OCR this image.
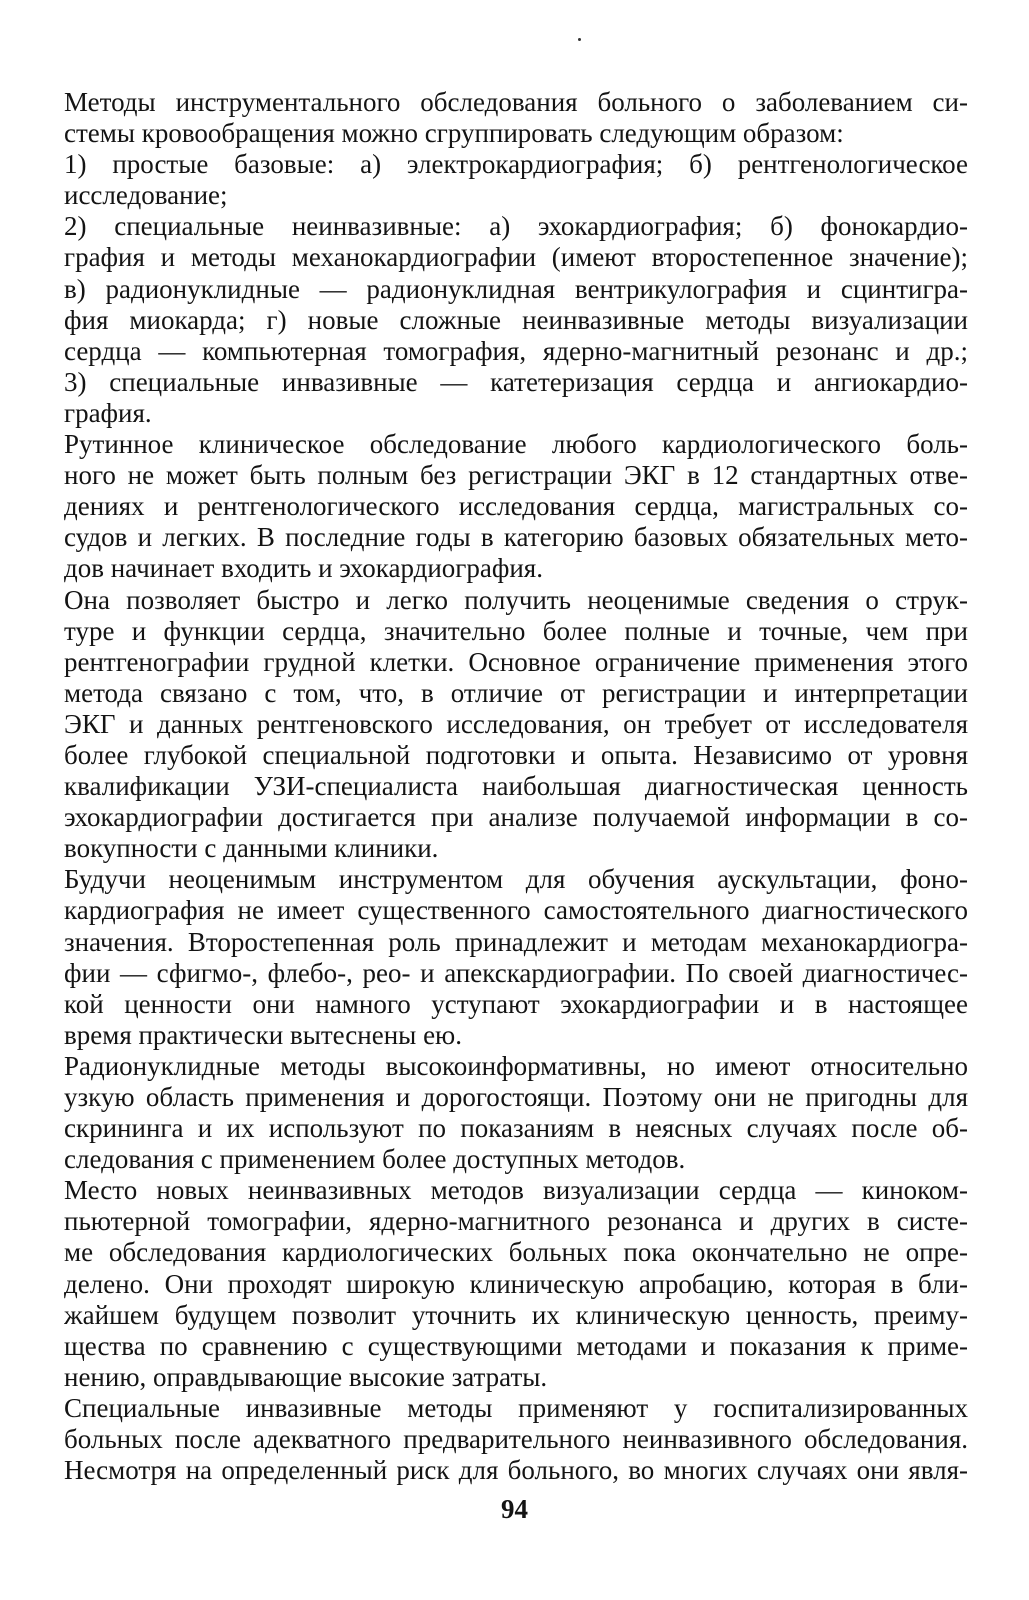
Методы инструментального обследования больного о заболеванием си-
стемы кровообращения можно сгруппировать следующим образом:
1) простые базовые: а) электрокардиография; б) рентгенологическое
исследование;
2) специальные неинвазивные: а) эхокардиография; б) фонокардио-
графия и методы механокардиографии (имеют второстепенное значение);
в) радионуклидные — радионуклидная вентрикулография и сцинтигра-
фия миокарда; г) новые сложные неинвазивные методы визуализации
сердца — компьютерная томография, ядерно-магнитный резонанс и др.;
3) специальные инвазивные — катетеризация сердца и ангиокардио-
графия.
Рутинное клиническое обследование любого кардиологического боль-
ного не может быть полным без регистрации ЭКГ в 12 стандартных отве-
дениях и рентгенологического исследования сердца, магистральных со-
судов и легких. В последние годы в категорию базовых обязательных мето-
дов начинает входить и эхокардиография.
Она позволяет быстро и легко получить неоценимые сведения о струк-
туре и функции сердца, значительно более полные и точные, чем при
рентгенографии грудной клетки. Основное ограничение применения этого
метода связано с том, что, в отличие от регистрации и интерпретации
ЭКГ и данных рентгеновского исследования, он требует от исследователя
более глубокой специальной подготовки и опыта. Независимо от уровня
квалификации УЗИ-специалиста наибольшая диагностическая ценность
эхокардиографии достигается при анализе получаемой информации в со-
вокупности с данными клиники.
Будучи неоценимым инструментом для обучения аускультации, фоно-
кардиография не имеет существенного самостоятельного диагностического
значения. Второстепенная роль принадлежит и методам механокардиогра-
фии — сфигмо-, флебо-, рео- и апекскардиографии. По своей диагностичес-
кой ценности они намного уступают эхокардиографии и в настоящее
время практически вытеснены ею.
Радионуклидные методы высокоинформативны, но имеют относительно
узкую область применения и дорогостоящи. Поэтому они не пригодны для
скрининга и их используют по показаниям в неясных случаях после об-
следования с применением более доступных методов.
Место новых неинвазивных методов визуализации сердца — киноком-
пьютерной томографии, ядерно-магнитного резонанса и других в систе-
ме обследования кардиологических больных пока окончательно не опре-
делено. Они проходят широкую клиническую апробацию, которая в бли-
жайшем будущем позволит уточнить их клиническую ценность, преиму-
щества по сравнению с существующими методами и показания к приме-
нению, оправдывающие высокие затраты.
Специальные инвазивные методы применяют у госпитализированных
больных после адекватного предварительного неинвазивного обследования.
Несмотря на определенный риск для больного, во многих случаях они явля-
94
